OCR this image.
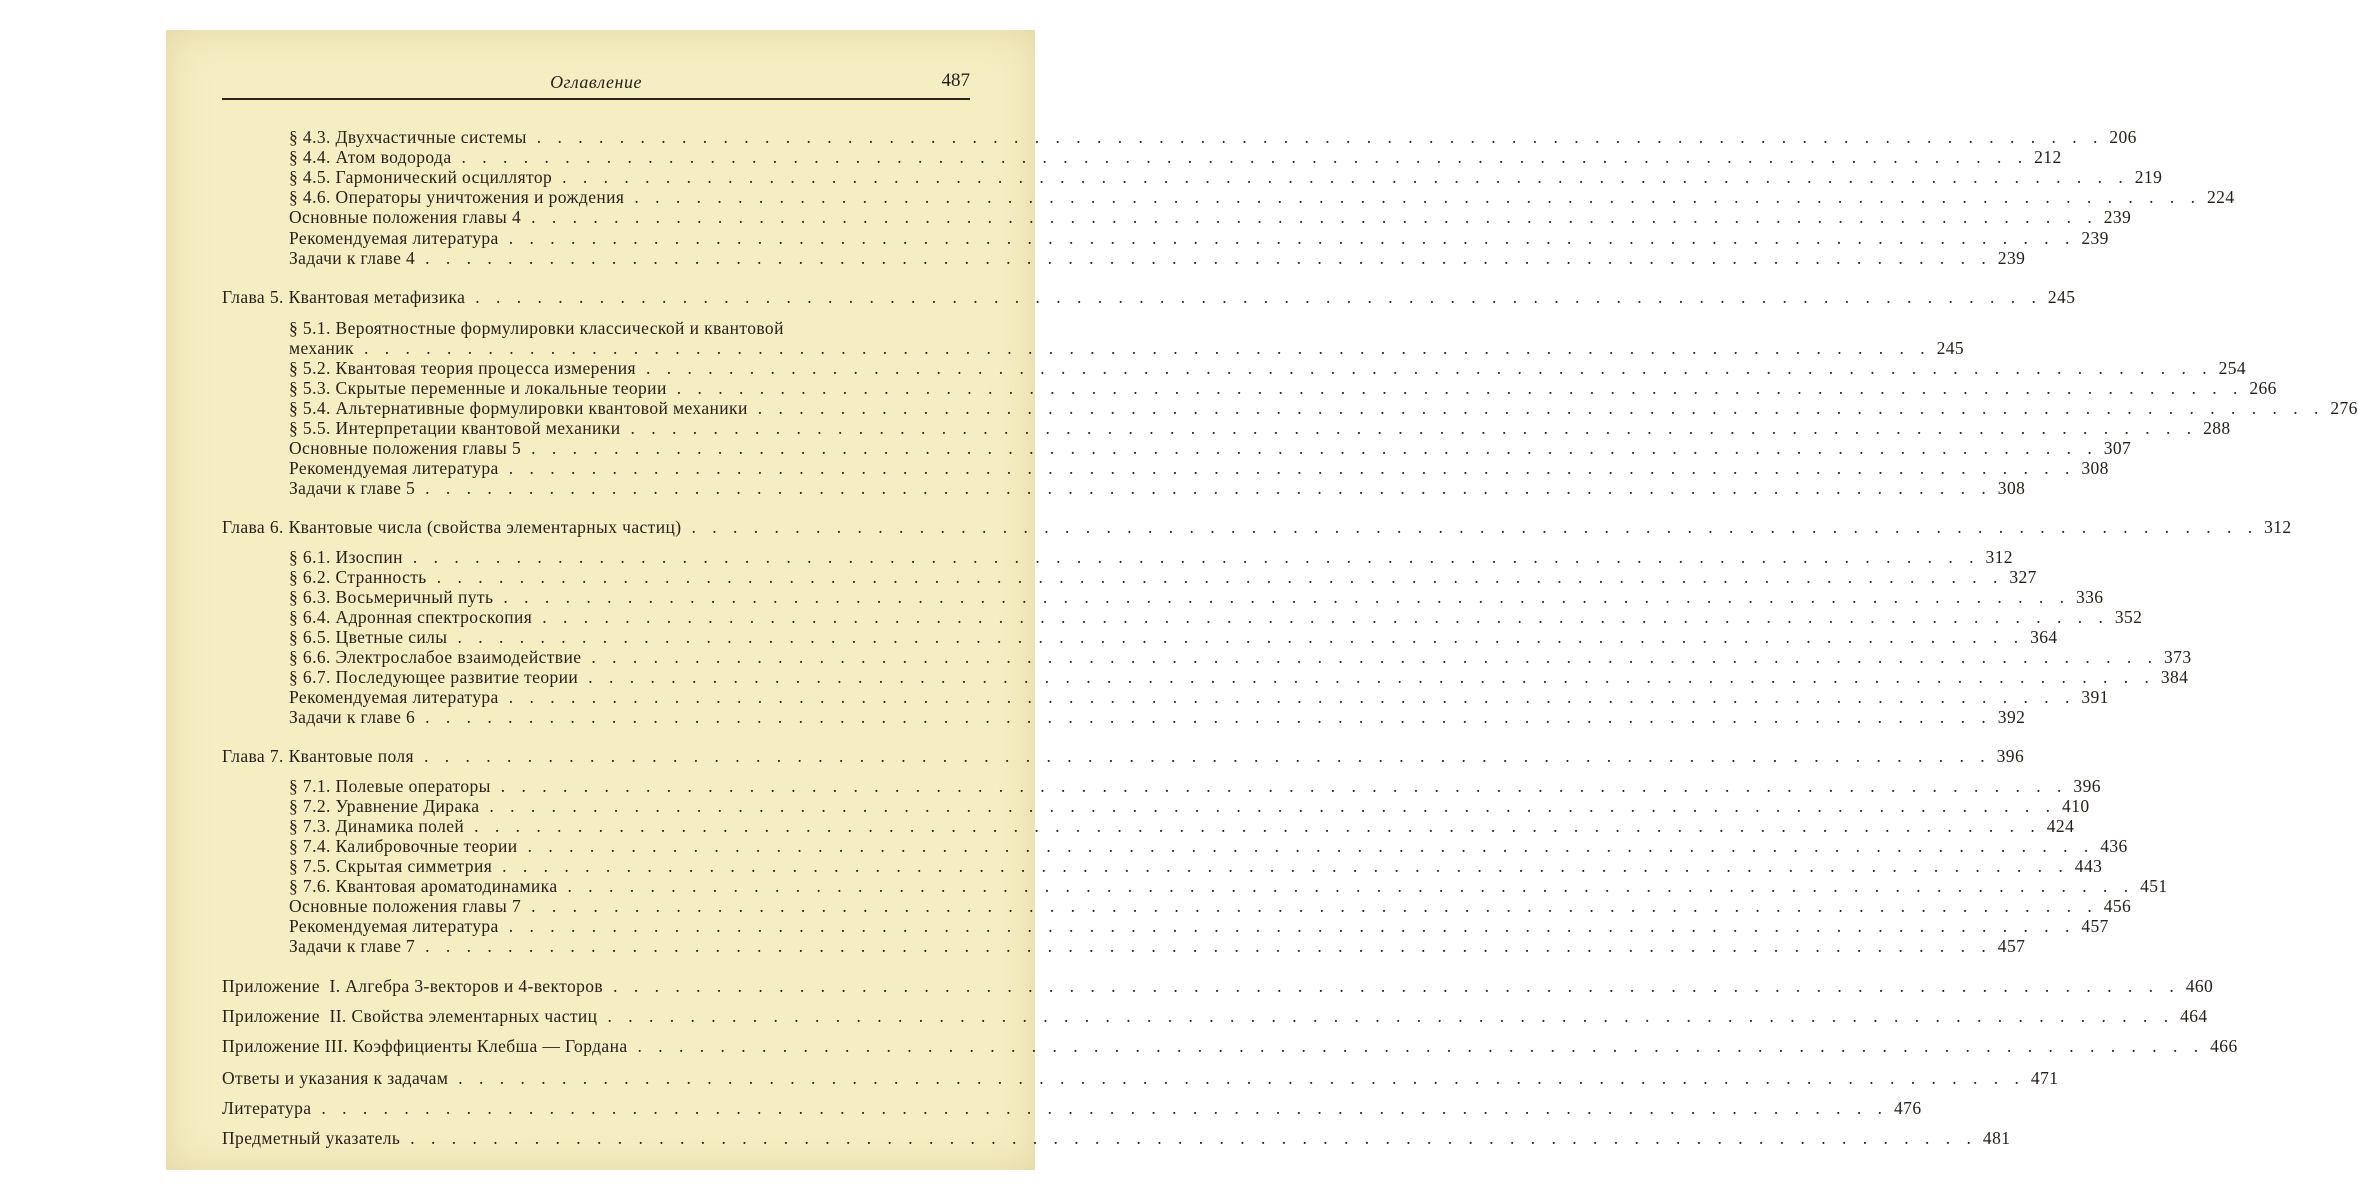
Оглавление	487
§ 4.3. Двухчастичные системы . . . . . . . . . . . . . . . . . . . . . . . . . . . . . . . . . . . . . . . . . . . . . . . . . . . . . . . . . . . . . . . . . . . . . . . . . . . . 206
§ 4.4. Атом водорода . . . . . . . . . . . . . . . . . . . . . . . . . . . . . . . . . . . . . . . . . . . . . . . . . . . . . . . . . . . . . . . . . . . . . . . . . . . . 212
§ 4.5. Гармонический осциллятор . . . . . . . . . . . . . . . . . . . . . . . . . . . . . . . . . . . . . . . . . . . . . . . . . . . . . . . . . . . . . . . . . . . . . . . . . . . . 219
§ 4.6. Операторы уничтожения и рождения . . . . . . . . . . . . . . . . . . . . . . . . . . . . . . . . . . . . . . . . . . . . . . . . . . . . . . . . . . . . . . . . . . . . . . . . . . . . 224
Основные положения главы 4 . . . . . . . . . . . . . . . . . . . . . . . . . . . . . . . . . . . . . . . . . . . . . . . . . . . . . . . . . . . . . . . . . . . . . . . . . . . . 239
Рекомендуемая литература . . . . . . . . . . . . . . . . . . . . . . . . . . . . . . . . . . . . . . . . . . . . . . . . . . . . . . . . . . . . . . . . . . . . . . . . . . . . 239
Задачи к главе 4 . . . . . . . . . . . . . . . . . . . . . . . . . . . . . . . . . . . . . . . . . . . . . . . . . . . . . . . . . . . . . . . . . . . . . . . . . . . . 239
Глава 5. Квантовая метафизика . . . . . . . . . . . . . . . . . . . . . . . . . . . . . . . . . . . . . . . . . . . . . . . . . . . . . . . . . . . . . . . . . . . . . . . . . . . . 245
§ 5.1. Вероятностные формулировки классической и квантовой
механик . . . . . . . . . . . . . . . . . . . . . . . . . . . . . . . . . . . . . . . . . . . . . . . . . . . . . . . . . . . . . . . . . . . . . . . . . . . . 245
§ 5.2. Квантовая теория процесса измерения . . . . . . . . . . . . . . . . . . . . . . . . . . . . . . . . . . . . . . . . . . . . . . . . . . . . . . . . . . . . . . . . . . . . . . . . . . . . 254
§ 5.3. Скрытые переменные и локальные теории . . . . . . . . . . . . . . . . . . . . . . . . . . . . . . . . . . . . . . . . . . . . . . . . . . . . . . . . . . . . . . . . . . . . . . . . . . . . 266
§ 5.4. Альтернативные формулировки квантовой механики . . . . . . . . . . . . . . . . . . . . . . . . . . . . . . . . . . . . . . . . . . . . . . . . . . . . . . . . . . . . . . . . . . . . . . . . . . . . 276
§ 5.5. Интерпретации квантовой механики . . . . . . . . . . . . . . . . . . . . . . . . . . . . . . . . . . . . . . . . . . . . . . . . . . . . . . . . . . . . . . . . . . . . . . . . . . . . 288
Основные положения главы 5 . . . . . . . . . . . . . . . . . . . . . . . . . . . . . . . . . . . . . . . . . . . . . . . . . . . . . . . . . . . . . . . . . . . . . . . . . . . . 307
Рекомендуемая литература . . . . . . . . . . . . . . . . . . . . . . . . . . . . . . . . . . . . . . . . . . . . . . . . . . . . . . . . . . . . . . . . . . . . . . . . . . . . 308
Задачи к главе 5 . . . . . . . . . . . . . . . . . . . . . . . . . . . . . . . . . . . . . . . . . . . . . . . . . . . . . . . . . . . . . . . . . . . . . . . . . . . . 308
Глава 6. Квантовые числа (свойства элементарных частиц) . . . . . . . . . . . . . . . . . . . . . . . . . . . . . . . . . . . . . . . . . . . . . . . . . . . . . . . . . . . . . . . . . . . . . . . . . . . . 312
§ 6.1. Изоспин . . . . . . . . . . . . . . . . . . . . . . . . . . . . . . . . . . . . . . . . . . . . . . . . . . . . . . . . . . . . . . . . . . . . . . . . . . . . 312
§ 6.2. Странность . . . . . . . . . . . . . . . . . . . . . . . . . . . . . . . . . . . . . . . . . . . . . . . . . . . . . . . . . . . . . . . . . . . . . . . . . . . . 327
§ 6.3. Восьмеричный путь . . . . . . . . . . . . . . . . . . . . . . . . . . . . . . . . . . . . . . . . . . . . . . . . . . . . . . . . . . . . . . . . . . . . . . . . . . . . 336
§ 6.4. Адронная спектроскопия . . . . . . . . . . . . . . . . . . . . . . . . . . . . . . . . . . . . . . . . . . . . . . . . . . . . . . . . . . . . . . . . . . . . . . . . . . . . 352
§ 6.5. Цветные силы . . . . . . . . . . . . . . . . . . . . . . . . . . . . . . . . . . . . . . . . . . . . . . . . . . . . . . . . . . . . . . . . . . . . . . . . . . . . 364
§ 6.6. Электрослабое взаимодействие . . . . . . . . . . . . . . . . . . . . . . . . . . . . . . . . . . . . . . . . . . . . . . . . . . . . . . . . . . . . . . . . . . . . . . . . . . . . 373
§ 6.7. Последующее развитие теории . . . . . . . . . . . . . . . . . . . . . . . . . . . . . . . . . . . . . . . . . . . . . . . . . . . . . . . . . . . . . . . . . . . . . . . . . . . . 384
Рекомендуемая литература . . . . . . . . . . . . . . . . . . . . . . . . . . . . . . . . . . . . . . . . . . . . . . . . . . . . . . . . . . . . . . . . . . . . . . . . . . . . 391
Задачи к главе 6 . . . . . . . . . . . . . . . . . . . . . . . . . . . . . . . . . . . . . . . . . . . . . . . . . . . . . . . . . . . . . . . . . . . . . . . . . . . . 392
Глава 7. Квантовые поля . . . . . . . . . . . . . . . . . . . . . . . . . . . . . . . . . . . . . . . . . . . . . . . . . . . . . . . . . . . . . . . . . . . . . . . . . . . . 396
§ 7.1. Полевые операторы . . . . . . . . . . . . . . . . . . . . . . . . . . . . . . . . . . . . . . . . . . . . . . . . . . . . . . . . . . . . . . . . . . . . . . . . . . . . 396
§ 7.2. Уравнение Дирака . . . . . . . . . . . . . . . . . . . . . . . . . . . . . . . . . . . . . . . . . . . . . . . . . . . . . . . . . . . . . . . . . . . . . . . . . . . . 410
§ 7.3. Динамика полей . . . . . . . . . . . . . . . . . . . . . . . . . . . . . . . . . . . . . . . . . . . . . . . . . . . . . . . . . . . . . . . . . . . . . . . . . . . . 424
§ 7.4. Калибровочные теории . . . . . . . . . . . . . . . . . . . . . . . . . . . . . . . . . . . . . . . . . . . . . . . . . . . . . . . . . . . . . . . . . . . . . . . . . . . . 436
§ 7.5. Скрытая симметрия . . . . . . . . . . . . . . . . . . . . . . . . . . . . . . . . . . . . . . . . . . . . . . . . . . . . . . . . . . . . . . . . . . . . . . . . . . . . 443
§ 7.6. Квантовая ароматодинамика . . . . . . . . . . . . . . . . . . . . . . . . . . . . . . . . . . . . . . . . . . . . . . . . . . . . . . . . . . . . . . . . . . . . . . . . . . . . 451
Основные положения главы 7 . . . . . . . . . . . . . . . . . . . . . . . . . . . . . . . . . . . . . . . . . . . . . . . . . . . . . . . . . . . . . . . . . . . . . . . . . . . . 456
Рекомендуемая литература . . . . . . . . . . . . . . . . . . . . . . . . . . . . . . . . . . . . . . . . . . . . . . . . . . . . . . . . . . . . . . . . . . . . . . . . . . . . 457
Задачи к главе 7 . . . . . . . . . . . . . . . . . . . . . . . . . . . . . . . . . . . . . . . . . . . . . . . . . . . . . . . . . . . . . . . . . . . . . . . . . . . . 457
Приложение  I. Алгебра 3-векторов и 4-векторов . . . . . . . . . . . . . . . . . . . . . . . . . . . . . . . . . . . . . . . . . . . . . . . . . . . . . . . . . . . . . . . . . . . . . . . . . . . . 460
Приложение  II. Свойства элементарных частиц . . . . . . . . . . . . . . . . . . . . . . . . . . . . . . . . . . . . . . . . . . . . . . . . . . . . . . . . . . . . . . . . . . . . . . . . . . . . 464
Приложение III. Коэффициенты Клебша — Гордана . . . . . . . . . . . . . . . . . . . . . . . . . . . . . . . . . . . . . . . . . . . . . . . . . . . . . . . . . . . . . . . . . . . . . . . . . . . . 466
Ответы и указания к задачам . . . . . . . . . . . . . . . . . . . . . . . . . . . . . . . . . . . . . . . . . . . . . . . . . . . . . . . . . . . . . . . . . . . . . . . . . . . . 471
Литература . . . . . . . . . . . . . . . . . . . . . . . . . . . . . . . . . . . . . . . . . . . . . . . . . . . . . . . . . . . . . . . . . . . . . . . . . . . . 476
Предметный указатель . . . . . . . . . . . . . . . . . . . . . . . . . . . . . . . . . . . . . . . . . . . . . . . . . . . . . . . . . . . . . . . . . . . . . . . . . . . . 481
